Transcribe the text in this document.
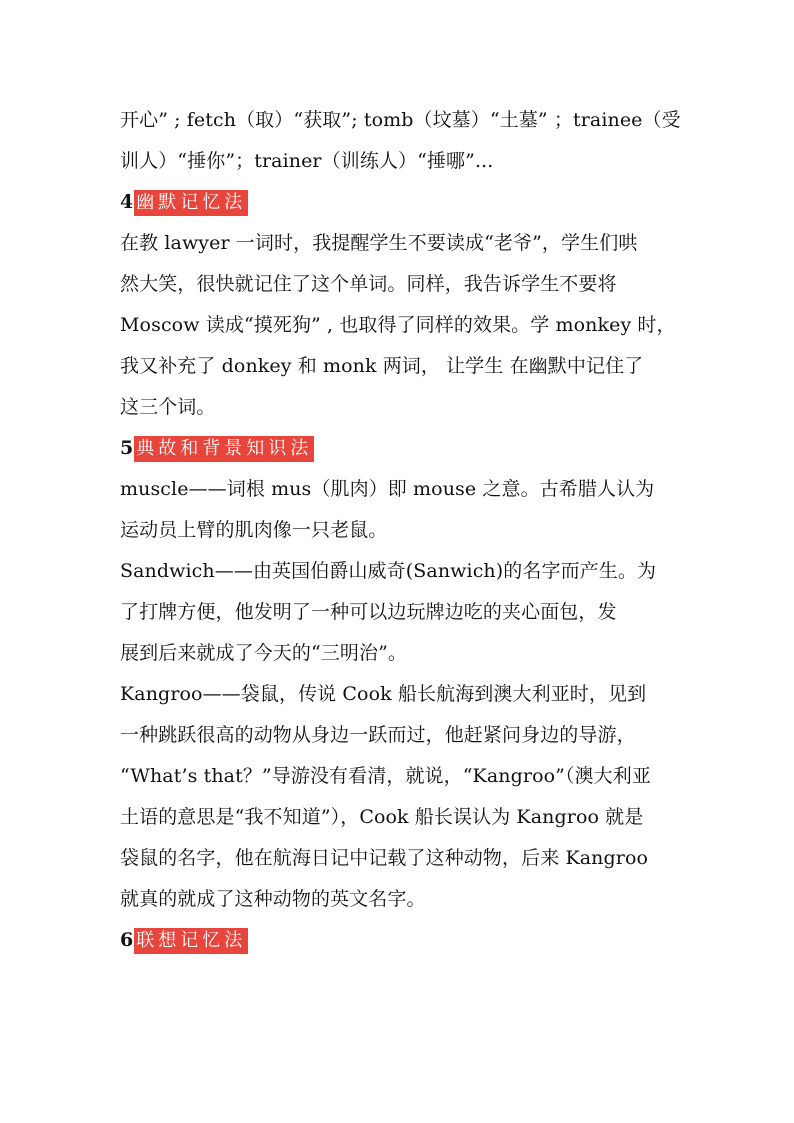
开心” ; fetch（取）“获取”; tomb（坟墓）“土墓” ；trainee（受
训人）“捶你”；trainer（训练人）“捶哪”...
4 幽默记忆法
在教 lawyer 一词时，我提醒学生不要读成“老爷”，学生们哄
然大笑，很快就记住了这个单词。同样，我告诉学生不要将
Moscow 读成“摸死狗” , 也取得了同样的效果。学 monkey 时，
我又补充了 donkey 和 monk 两词， 让学生 在幽默中记住了
这三个词。
5 典故和背景知识法
muscle——词根 mus（肌肉）即 mouse 之意。古希腊人认为
运动员上臂的肌肉像一只老鼠。
Sandwich——由英国伯爵山威奇(Sanwich)的名字而产生。为
了打牌方便，他发明了一种可以边玩牌边吃的夹心面包，发
展到后来就成了今天的“三明治”。
Kangroo——袋鼠，传说 Cook 船长航海到澳大利亚时，见到
一种跳跃很高的动物从身边一跃而过，他赶紧问身边的导游，
“What’s that？”导游没有看清，就说，“Kangroo”（澳大利亚
土语的意思是“我不知道”），Cook 船长误认为 Kangroo 就是
袋鼠的名字，他在航海日记中记载了这种动物，后来 Kangroo
就真的就成了这种动物的英文名字。
6 联想记忆法
